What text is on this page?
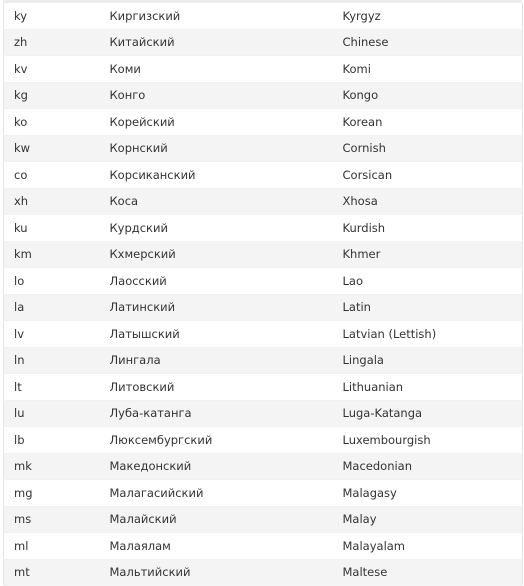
ky	Киргизский	Kyrgyz
zh	Китайский	Chinese
kv	Коми	Komi
kg	Конго	Kongo
ko	Корейский	Korean
kw	Корнский	Cornish
co	Корсиканский	Corsican
xh	Коса	Xhosa
ku	Курдский	Kurdish
km	Кхмерский	Khmer
lo	Лаосский	Lao
la	Латинский	Latin
lv	Латышский	Latvian (Lettish)
ln	Лингала	Lingala
lt	Литовский	Lithuanian
lu	Луба-катанга	Luga-Katanga
lb	Люксембургский	Luxembourgish
mk	Македонский	Macedonian
mg	Малагасийский	Malagasy
ms	Малайский	Malay
ml	Малаялам	Malayalam
mt	Мальтийский	Maltese
